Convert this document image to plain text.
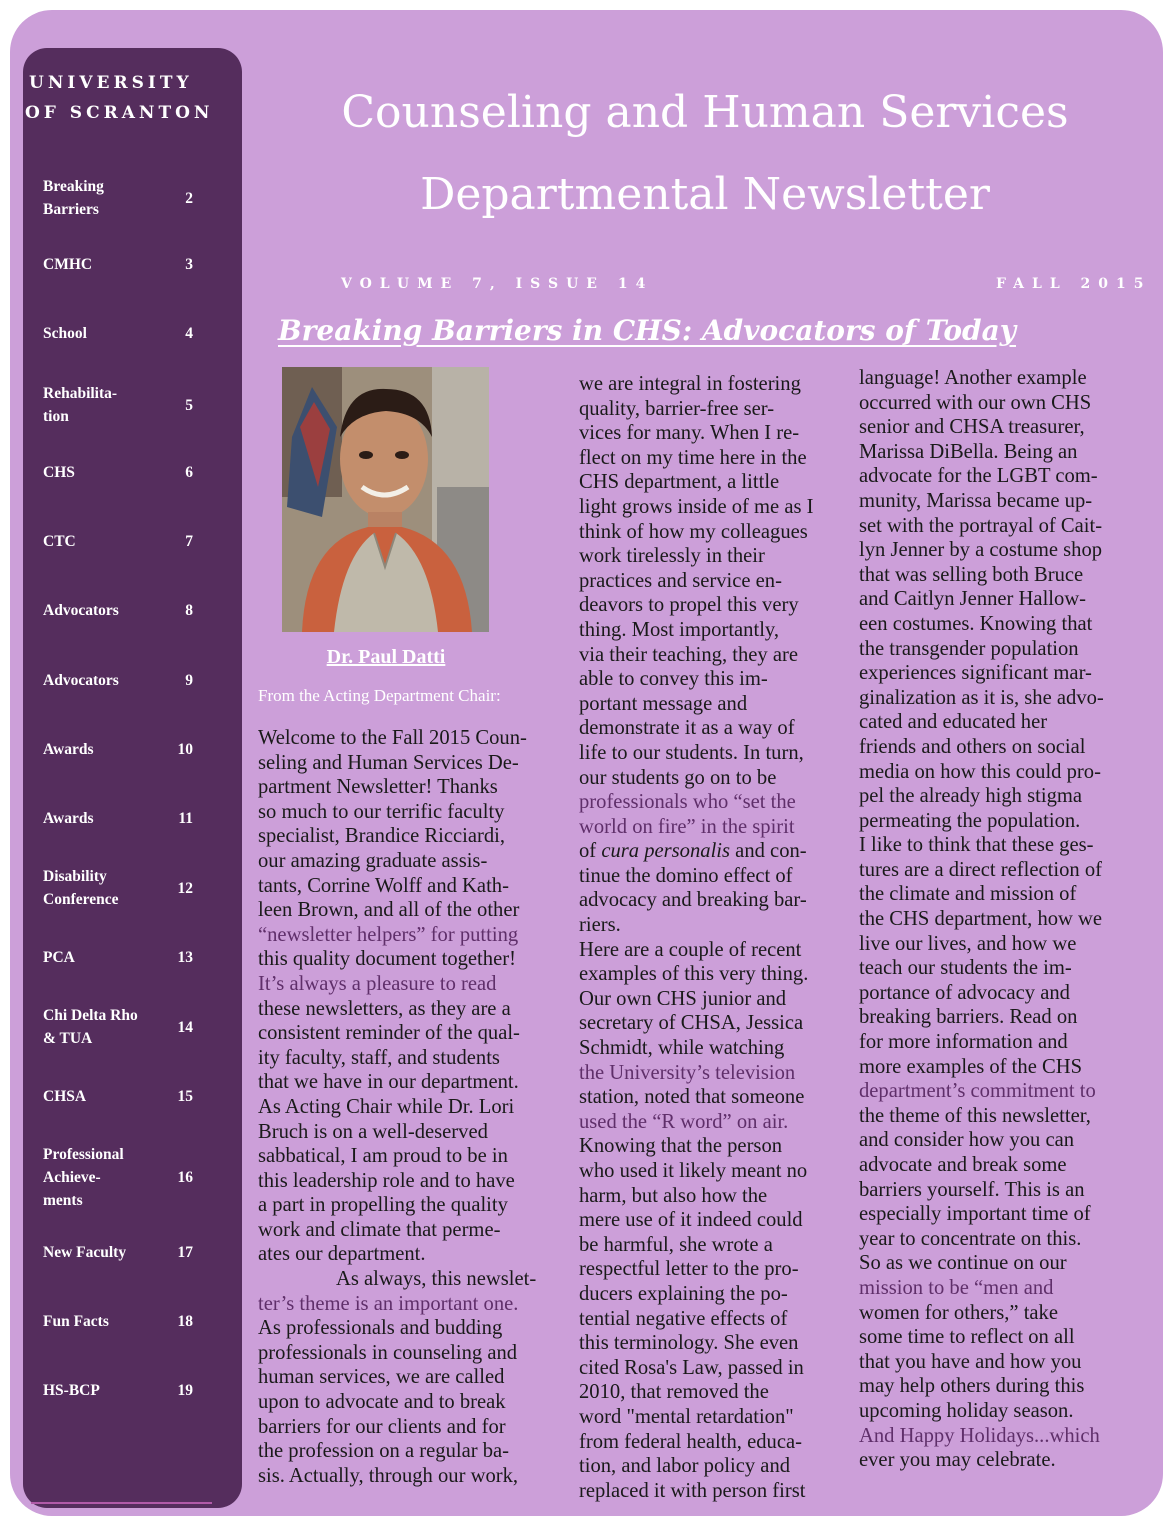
UNIVERSITY
OF SCRANTON
Breaking
Barriers
2
CMHC	3
School	4
Rehabilita-
tion
5
CHS	6
CTC	7
Advocators	8
Advocators	9
Awards	10
Awards	11
Disability
Conference
12
PCA	13
Chi Delta Rho
& TUA
14
CHSA	15
Professional
Achieve-
ments
16
New Faculty	17
Fun Facts	18
HS-BCP	19
Counseling and Human Services
Departmental Newsletter
VOLUME 7, ISSUE 14	FALL 2015
Breaking Barriers in CHS: Advocators of Today
Dr. Paul Datti
From the Acting Department Chair:

Welcome to the Fall 2015 Coun-

seling and Human Services De-

partment Newsletter! Thanks

so much to our terrific faculty

specialist, Brandice Ricciardi,

our amazing graduate assis-

tants, Corrine Wolff and Kath-

leen Brown, and all of the other

“newsletter helpers” for putting

this quality document together!

It’s always a pleasure to read

these newsletters, as they are a

consistent reminder of the qual-

ity faculty, staff, and students

that we have in our department.

As Acting Chair while Dr. Lori

Bruch is on a well-deserved

sabbatical, I am proud to be in

this leadership role and to have

a part in propelling the quality

work and climate that perme-

ates our department.

As always, this newslet-

ter’s theme is an important one.

As professionals and budding

professionals in counseling and

human services, we are called

upon to advocate and to break

barriers for our clients and for

the profession on a regular ba-

sis. Actually, through our work,

we are integral in fostering

quality, barrier-free ser-

vices for many. When I re-

flect on my time here in the

CHS department, a little

light grows inside of me as I

think of how my colleagues

work tirelessly in their

practices and service en-

deavors to propel this very

thing. Most importantly,

via their teaching, they are

able to convey this im-

portant message and

demonstrate it as a way of

life to our students. In turn,

our students go on to be

professionals who “set the

world on fire” in the spirit

of cura personalis and con-

tinue the domino effect of

advocacy and breaking bar-

riers.

Here are a couple of recent

examples of this very thing.

Our own CHS junior and

secretary of CHSA, Jessica

Schmidt, while watching

the University’s television

station, noted that someone

used the “R word” on air.

Knowing that the person

who used it likely meant no

harm, but also how the

mere use of it indeed could

be harmful, she wrote a

respectful letter to the pro-

ducers explaining the po-

tential negative effects of

this terminology. She even

cited Rosa's Law, passed in

2010, that removed the

word "mental retardation"

from federal health, educa-

tion, and labor policy and

replaced it with person first

language! Another example

occurred with our own CHS

senior and CHSA treasurer,

Marissa DiBella. Being an

advocate for the LGBT com-

munity, Marissa became up-

set with the portrayal of Cait-

lyn Jenner by a costume shop

that was selling both Bruce

and Caitlyn Jenner Hallow-

een costumes. Knowing that

the transgender population

experiences significant mar-

ginalization as it is, she advo-

cated and educated her

friends and others on social

media on how this could pro-

pel the already high stigma

permeating the population.

I like to think that these ges-

tures are a direct reflection of

the climate and mission of

the CHS department, how we

live our lives, and how we

teach our students the im-

portance of advocacy and

breaking barriers. Read on

for more information and

more examples of the CHS

department’s commitment to

the theme of this newsletter,

and consider how you can

advocate and break some

barriers yourself. This is an

especially important time of

year to concentrate on this.

So as we continue on our

mission to be “men and

women for others,” take

some time to reflect on all

that you have and how you

may help others during this

upcoming holiday season.

And Happy Holidays...which

ever you may celebrate.
